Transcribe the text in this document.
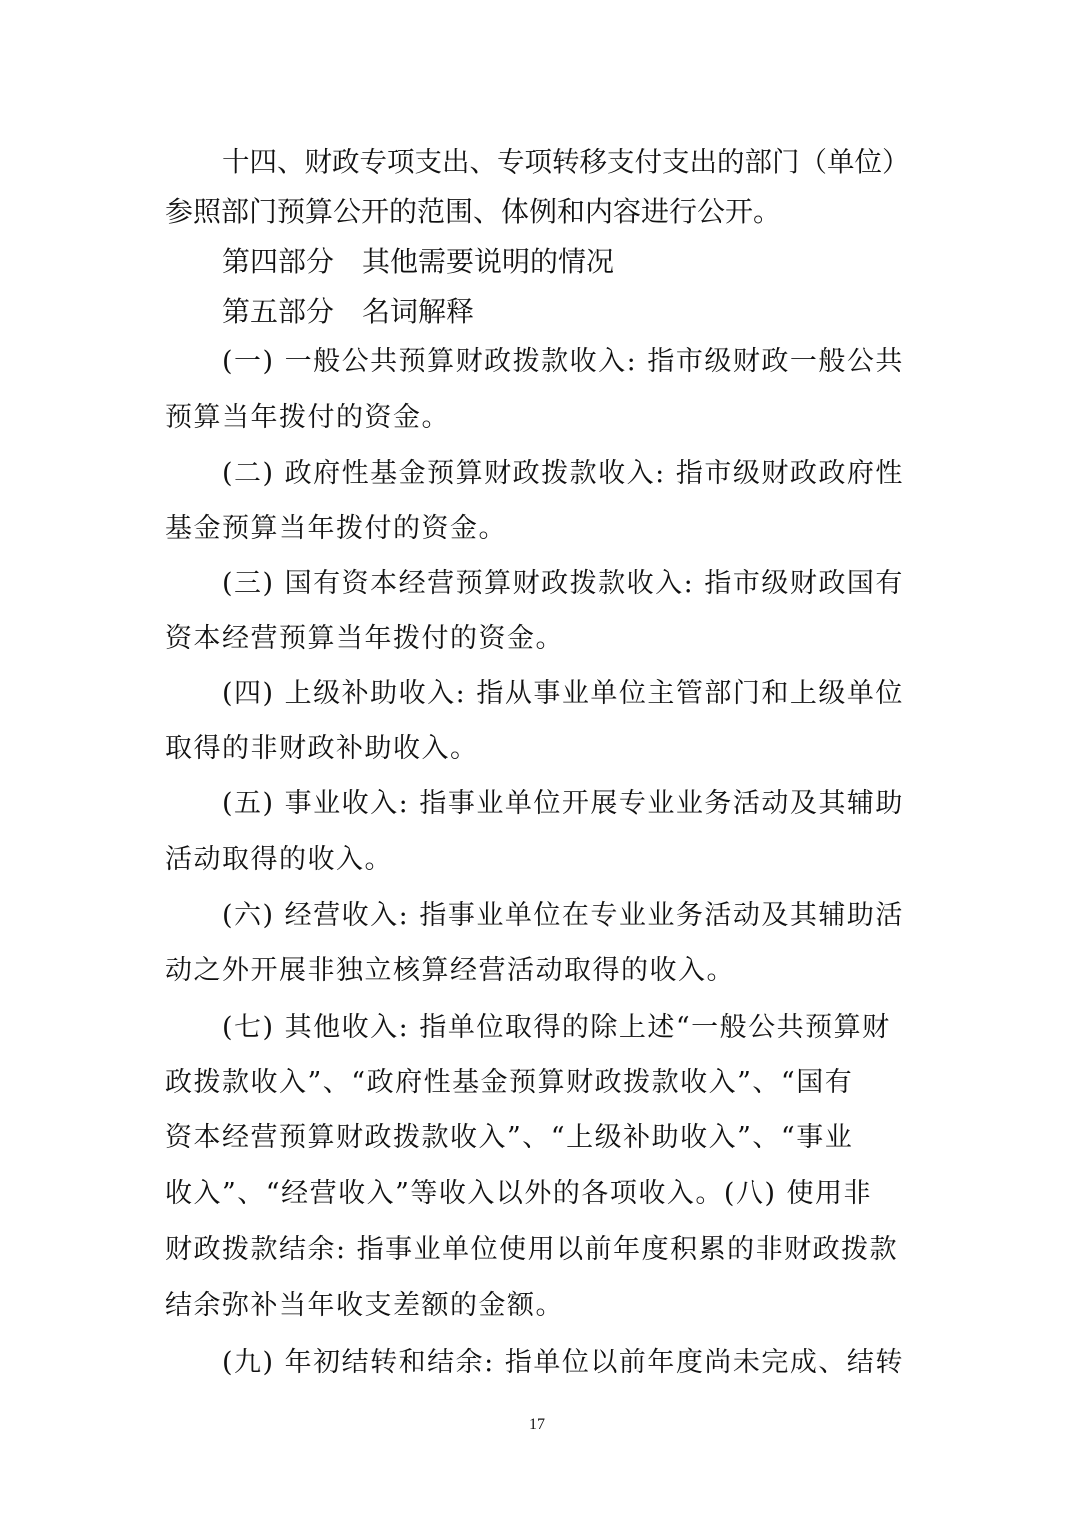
十四、财政专项支出、专项转移支付支出的部门（单位）
参照部门预算公开的范围、体例和内容进行公开。
第四部分 其他需要说明的情况
第五部分 名词解释
(一) 一般公共预算财政拨款收入: 指市级财政一般公共
预算当年拨付的资金。
(二) 政府性基金预算财政拨款收入: 指市级财政政府性
基金预算当年拨付的资金。
(三) 国有资本经营预算财政拨款收入: 指市级财政国有
资本经营预算当年拨付的资金。
(四) 上级补助收入: 指从事业单位主管部门和上级单位
取得的非财政补助收入。
(五) 事业收入: 指事业单位开展专业业务活动及其辅助
活动取得的收入。
(六) 经营收入: 指事业单位在专业业务活动及其辅助活
动之外开展非独立核算经营活动取得的收入。
(七) 其他收入: 指单位取得的除上述“一般公共预算财
政拨款收入”、“政府性基金预算财政拨款收入”、“国有
资本经营预算财政拨款收入”、“上级补助收入”、“事业
收入”、“经营收入”等收入以外的各项收入。(八) 使用非
财政拨款结余: 指事业单位使用以前年度积累的非财政拨款
结余弥补当年收支差额的金额。
(九) 年初结转和结余: 指单位以前年度尚未完成、结转
17
